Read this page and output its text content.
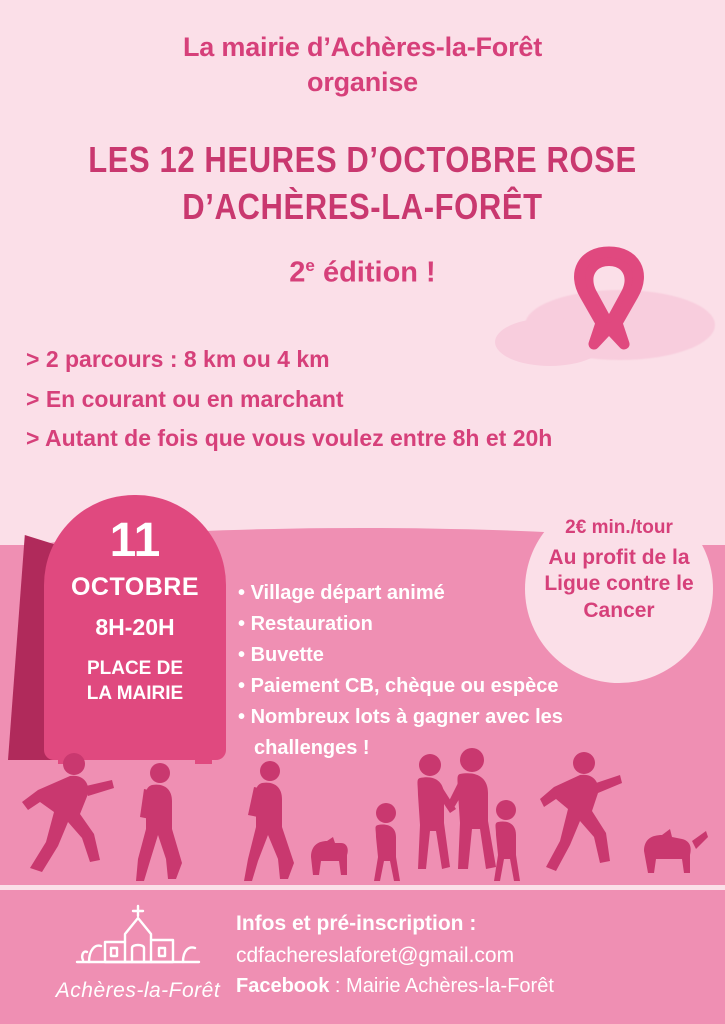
La mairie d’Achères-la-Forêt
organise
LES 12 HEURES D’OCTOBRE ROSE
D’ACHÈRES-LA-FORÊT
2e édition !
> 2 parcours : 8 km ou 4 km
> En courant ou en marchant
> Autant de fois que vous voulez entre 8h et 20h
11
OCTOBRE
8H-20H
PLACE DE
LA MAIRIE
• Village départ animé
• Restauration
• Buvette
• Paiement CB, chèque ou espèce
• Nombreux lots à gagner avec les
challenges !
2€ min./tour
Au profit de la Ligue contre le Cancer
Achères-la-Forêt
Infos et pré-inscription :
cdfachereslaforet@gmail.com
Facebook : Mairie Achères-la-Forêt
